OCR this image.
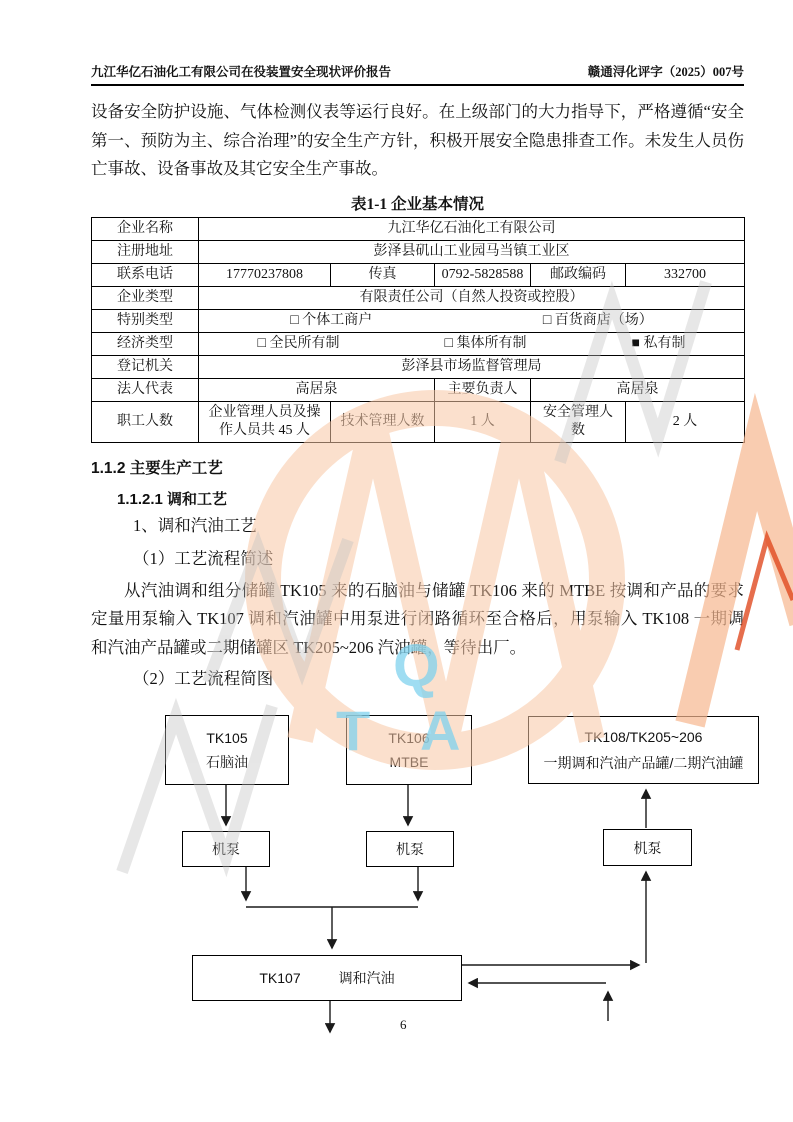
Q
T A
九江华亿石油化工有限公司在役装置安全现状评价报告	赣通浔化评字（2025）007号

设备安全防护设施、气体检测仪表等运行良好。在上级部门的大力指导下，严格遵循“安全第一、预防为主、综合治理”的安全生产方针，积极开展安全隐患排查工作。未发生人员伤亡事故、设备事故及其它安全生产事故。

表1-1 企业基本情况
企业名称	九江华亿石油化工有限公司				
注册地址	彭泽县矶山工业园马当镇工业区				
联系电话	17770237808	传真	0792-5828588	邮政编码	332700
企业类型	有限责任公司（自然人投资或控股）				
特别类型	□ 个体工商户 □ 百货商店（场）				

经济类型	□ 全民所有制 □ 集体所有制 ■ 私有制				

登记机关	彭泽县市场监督管理局				
法人代表	高居泉		主要负责人	高居泉	
职工人数	企业管理人员及操作人员共 45 人	技术管理人数	1 人	安全管理人数	2 人
1.1.2 主要生产工艺
1.1.2.1 调和工艺
1、调和汽油工艺
（1）工艺流程简述

从汽油调和组分储罐 TK105 来的石脑油与储罐 TK106 来的 MTBE 按调和产品的要求定量用泵输入 TK107 调和汽油罐中用泵进行闭路循环至合格后，用泵输入 TK108 一期调和汽油产品罐或二期储罐区 TK205~206 汽油罐，等待出厂。

（2）工艺流程简图
TK105
石脑油
TK106
MTBE
TK108/TK205~206
一期调和汽油产品罐/二期汽油罐
机泵	机泵	机泵
TK107	调和汽油
6
